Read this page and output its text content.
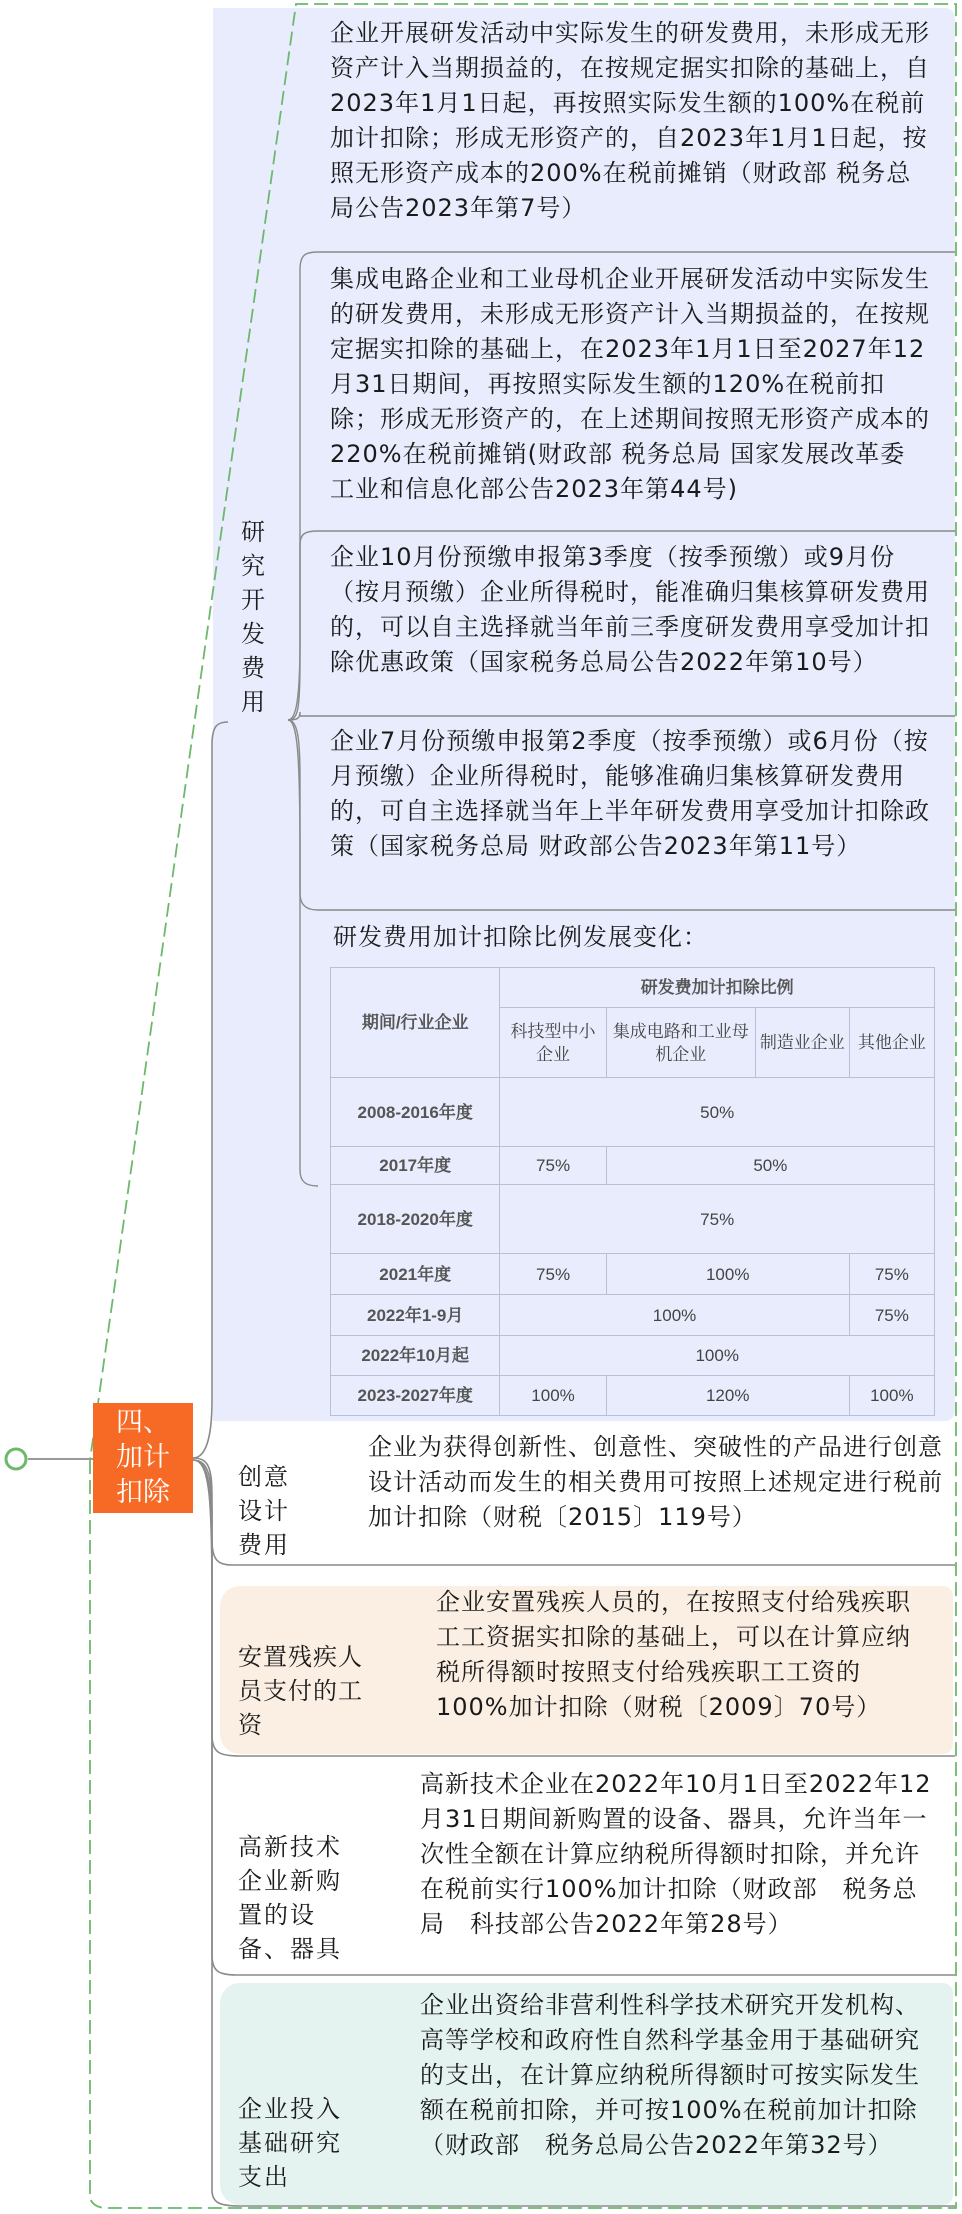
四、
加计
扣除
研究开发费用
企业开展研发活动中实际发生的研发费用，未形成无形资产计入当期损益的，在按规定据实扣除的基础上，自2023年1月1日起，再按照实际发生额的100%在税前加计扣除；形成无形资产的，自2023年1月1日起，按照无形资产成本的200%在税前摊销（财政部 税务总局公告2023年第7号）
集成电路企业和工业母机企业开展研发活动中实际发生的研发费用，未形成无形资产计入当期损益的，在按规定据实扣除的基础上，在2023年1月1日至2027年12月31日期间，再按照实际发生额的120%在税前扣除；形成无形资产的，在上述期间按照无形资产成本的220%在税前摊销(财政部 税务总局 国家发展改革委 工业和信息化部公告2023年第44号)
企业10月份预缴申报第3季度（按季预缴）或9月份（按月预缴）企业所得税时，能准确归集核算研发费用的，可以自主选择就当年前三季度研发费用享受加计扣除优惠政策（国家税务总局公告2022年第10号）
企业7月份预缴申报第2季度（按季预缴）或6月份（按月预缴）企业所得税时，能够准确归集核算研发费用的，可自主选择就当年上半年研发费用享受加计扣除政策（国家税务总局 财政部公告2023年第11号）
研发费用加计扣除比例发展变化：
期间/行业企业	研发费加计扣除比例			
	科技型中小企业	集成电路和工业母机企业	制造业企业	其他企业
2008-2016年度	50%			
2017年度	75%	50%		
2018-2020年度	75%			
2021年度	75%	100%		75%
2022年1-9月	100%			75%
2022年10月起	100%			
2023-2027年度	100%	120%		100%
创意设计费用
企业为获得创新性、创意性、突破性的产品进行创意设计活动而发生的相关费用可按照上述规定进行税前加计扣除（财税〔2015〕119号）
安置残疾人员支付的工资
企业安置残疾人员的，在按照支付给残疾职工工资据实扣除的基础上，可以在计算应纳税所得额时按照支付给残疾职工工资的100%加计扣除（财税〔2009〕70号）
高新技术企业新购置的设备、器具
高新技术企业在2022年10月1日至2022年12月31日期间新购置的设备、器具，允许当年一次性全额在计算应纳税所得额时扣除，并允许在税前实行100%加计扣除（财政部　税务总局　科技部公告2022年第28号）
企业投入基础研究支出
企业出资给非营利性科学技术研究开发机构、高等学校和政府性自然科学基金用于基础研究的支出，在计算应纳税所得额时可按实际发生额在税前扣除，并可按100%在税前加计扣除（财政部　税务总局公告2022年第32号）
